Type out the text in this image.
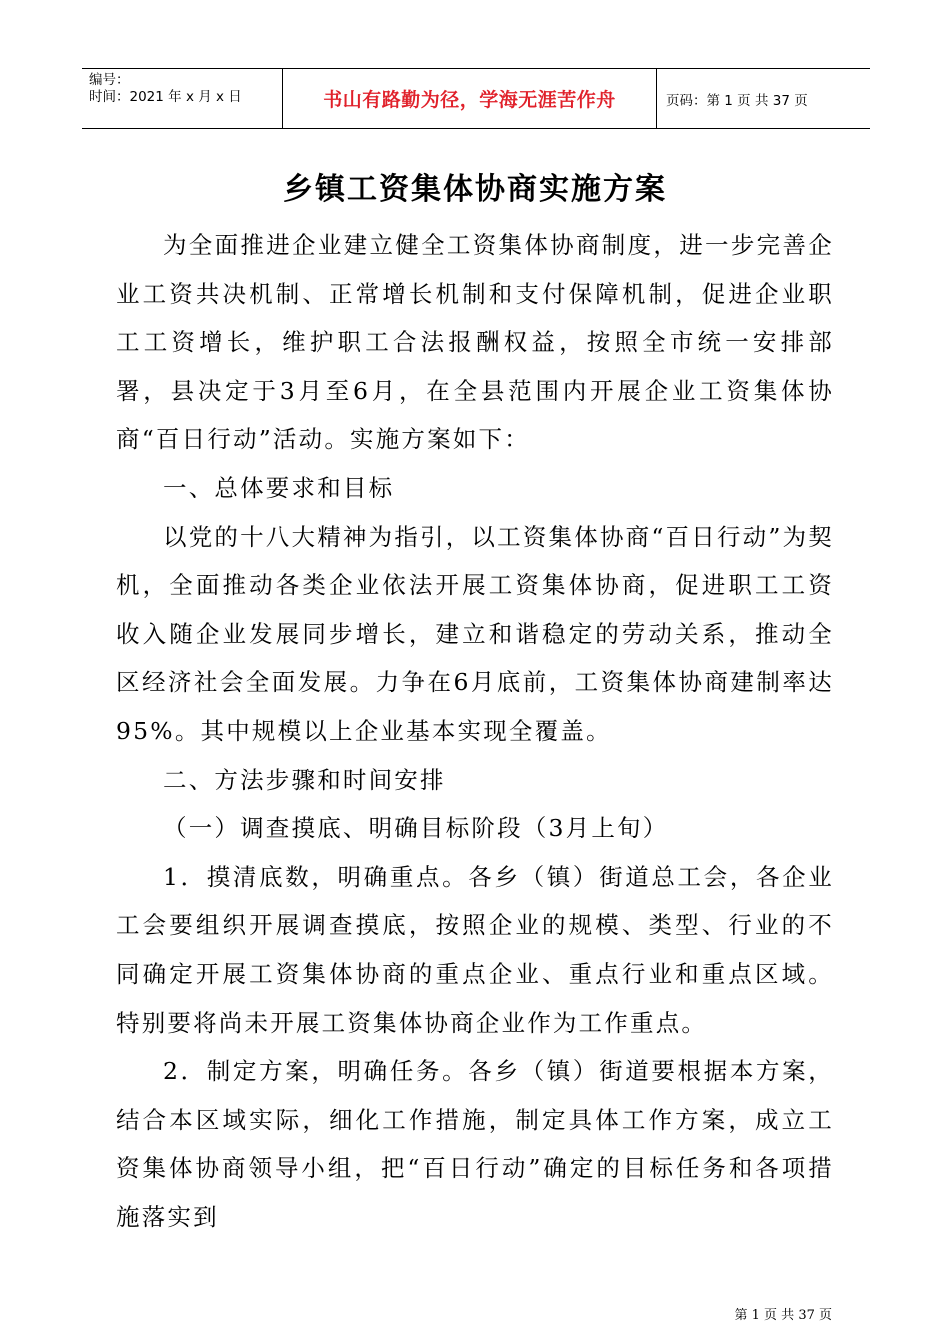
编号：
时间：2021 年 x 月 x 日	书山有路勤为径，学海无涯苦作舟	页码：第 1 页 共 37 页
乡镇工资集体协商实施方案

为全面推进企业建立健全工资集体协商制度，进一步完善企业工资共决机制、正常增长机制和支付保障机制，促进企业职工工资增长，维护职工合法报酬权益，按照全市统一安排部署，县决定于3月至6月，在全县范围内开展企业工资集体协商“百日行动”活动。实施方案如下：

一、总体要求和目标

以党的十八大精神为指引，以工资集体协商“百日行动”为契机，全面推动各类企业依法开展工资集体协商，促进职工工资收入随企业发展同步增长，建立和谐稳定的劳动关系，推动全区经济社会全面发展。力争在6月底前，工资集体协商建制率达95%。其中规模以上企业基本实现全覆盖。

二、方法步骤和时间安排

（一）调查摸底、明确目标阶段（3月上旬）

1．摸清底数，明确重点。各乡（镇）街道总工会，各企业工会要组织开展调查摸底，按照企业的规模、类型、行业的不同确定开展工资集体协商的重点企业、重点行业和重点区域。特别要将尚未开展工资集体协商企业作为工作重点。

2．制定方案，明确任务。各乡（镇）街道要根据本方案，结合本区域实际，细化工作措施，制定具体工作方案，成立工资集体协商领导小组，把“百日行动”确定的目标任务和各项措施落实到

第 1 页 共 37 页
